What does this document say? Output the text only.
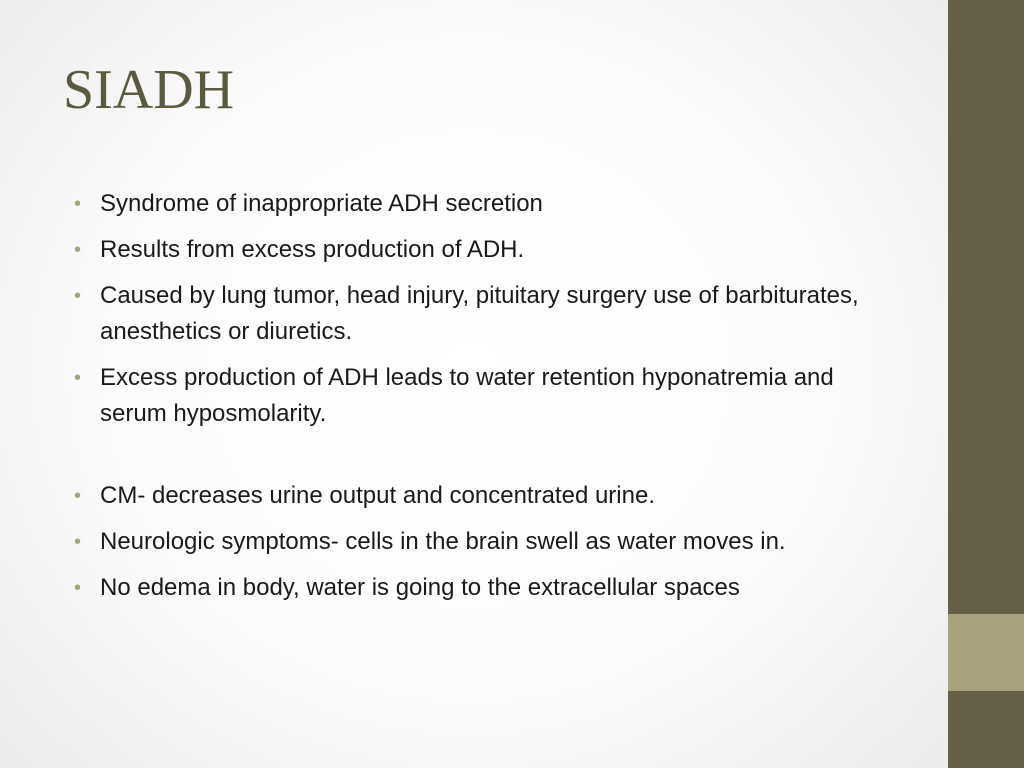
SIADH
• Syndrome of inappropriate ADH secretion
• Results from excess production of ADH.
• Caused by lung tumor, head injury, pituitary surgery use of barbiturates, anesthetics or diuretics.
• Excess production of ADH leads to water retention hyponatremia and serum hyposmolarity.
• CM- decreases urine output and concentrated urine.
• Neurologic symptoms- cells in the brain swell as water moves in.
• No edema in body, water is going to the extracellular spaces
